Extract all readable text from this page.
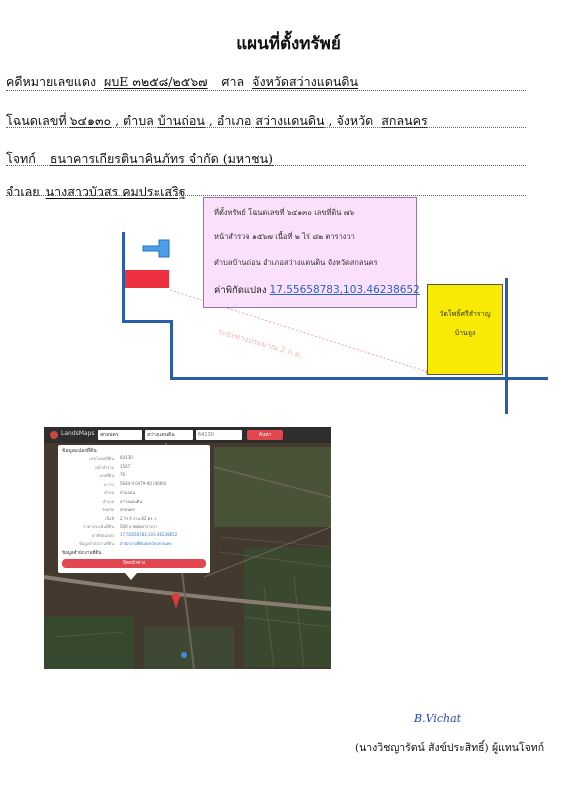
แผนที่ตั้งทรัพย์
คดีหมายเลขแดง ผบE ๓๒๕๘/๒๕๖๗ ศาล จังหวัดสว่างแดนดิน
โฉนดเลขที่ ๖๔๑๓๐ , ตำบล บ้านถ่อน , อำเภอ สว่างแดนดิน , จังหวัด สกลนคร
โจทก์ ธนาคารเกียรตินาคินภัทร จำกัด (มหาชน)
จำเลย นางสาวบัวสร คมประเสริฐ
ระยะทางประมาณ 2 ก.ม.
ที่ตั้งทรัพย์ โฉนดเลขที่ ๖๔๑๓๐ เลขที่ดิน ๗๖
หน้าสำรวจ ๑๕๖๗ เนื้อที่ ๒ ไร่ ๘๒ ตารางวา
ตำบลบ้านถ่อน อำเภอสว่างแดนดิน จังหวัดสกลนคร
ค่าพิกัดแปลง 17.55658783,103.46238652
วัดโพธิ์ศรีสำราญ
บ้านจูง
LandsMaps	สกลนคร	สว่างแดนดิน	64130	ค้นหา
ข้อมูลแปลงที่ดิน
เลขโฉนดที่ดิน 64130
หน้าสำรวจ 1567
เลขที่ดิน 76
ระวาง 5644 II 0479-00 (4000)
ตำบล บ้านถ่อน
อำเภอ สว่างแดนดิน
จังหวัด สกลนคร
เนื้อที่ 2 ไร่ 0 งาน 82 ตร.ว.
ราคาประเมินที่ดิน 500 บาทต่อตารางวา
ค่าพิกัดแปลง 17.55658783,103.46238652
ข้อมูลสำนักงานที่ดิน สำนักงานที่ดินจังหวัดสกลนคร
ข้อมูลสำนักงานที่ดิน
ปิดหน้าต่าง
B.Vichat
(นางวิชญารัตน์ สังข์ประสิทธิ์) ผู้แทนโจทก์
